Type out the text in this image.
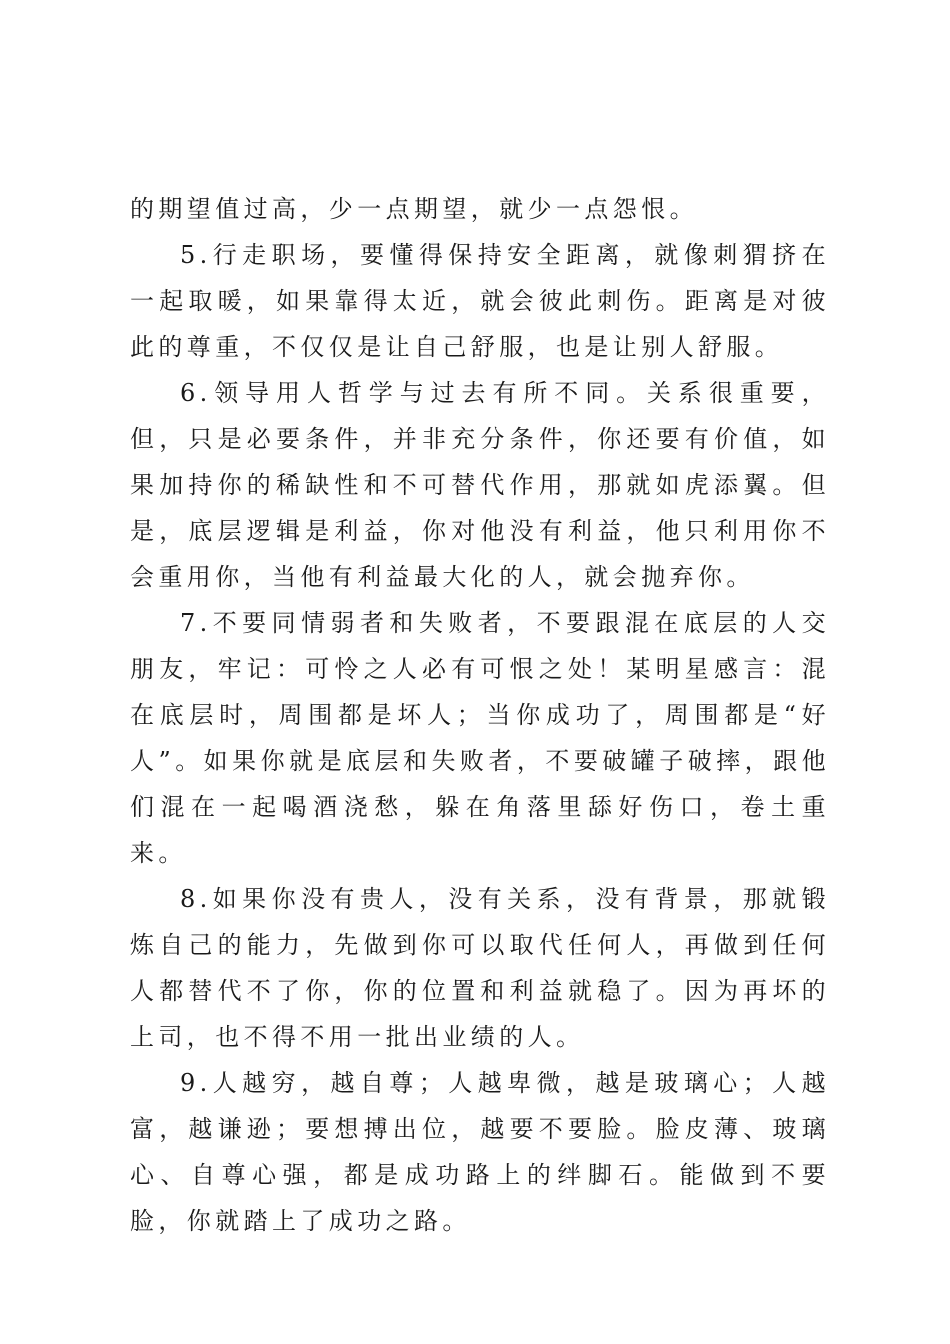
的期望值过高，少一点期望，就少一点怨恨。

5.行走职场，要懂得保持安全距离，就像刺猬挤在一起取暖，如果靠得太近，就会彼此刺伤。距离是对彼此的尊重，不仅仅是让自己舒服，也是让别人舒服。

6.领导用人哲学与过去有所不同。关系很重要，但，只是必要条件，并非充分条件，你还要有价值，如果加持你的稀缺性和不可替代作用，那就如虎添翼。但是，底层逻辑是利益，你对他没有利益，他只利用你不会重用你，当他有利益最大化的人，就会抛弃你。

7.不要同情弱者和失败者，不要跟混在底层的人交朋友，牢记：可怜之人必有可恨之处！某明星感言：混在底层时，周围都是坏人；当你成功了，周围都是“好人”。如果你就是底层和失败者，不要破罐子破摔，跟他们混在一起喝酒浇愁，躲在角落里舔好伤口，卷土重来。

8.如果你没有贵人，没有关系，没有背景，那就锻炼自己的能力，先做到你可以取代任何人，再做到任何人都替代不了你，你的位置和利益就稳了。因为再坏的上司，也不得不用一批出业绩的人。

9.人越穷，越自尊；人越卑微，越是玻璃心；人越富，越谦逊；要想搏出位，越要不要脸。脸皮薄、玻璃心、自尊心强，都是成功路上的绊脚石。能做到不要脸，你就踏上了成功之路。
